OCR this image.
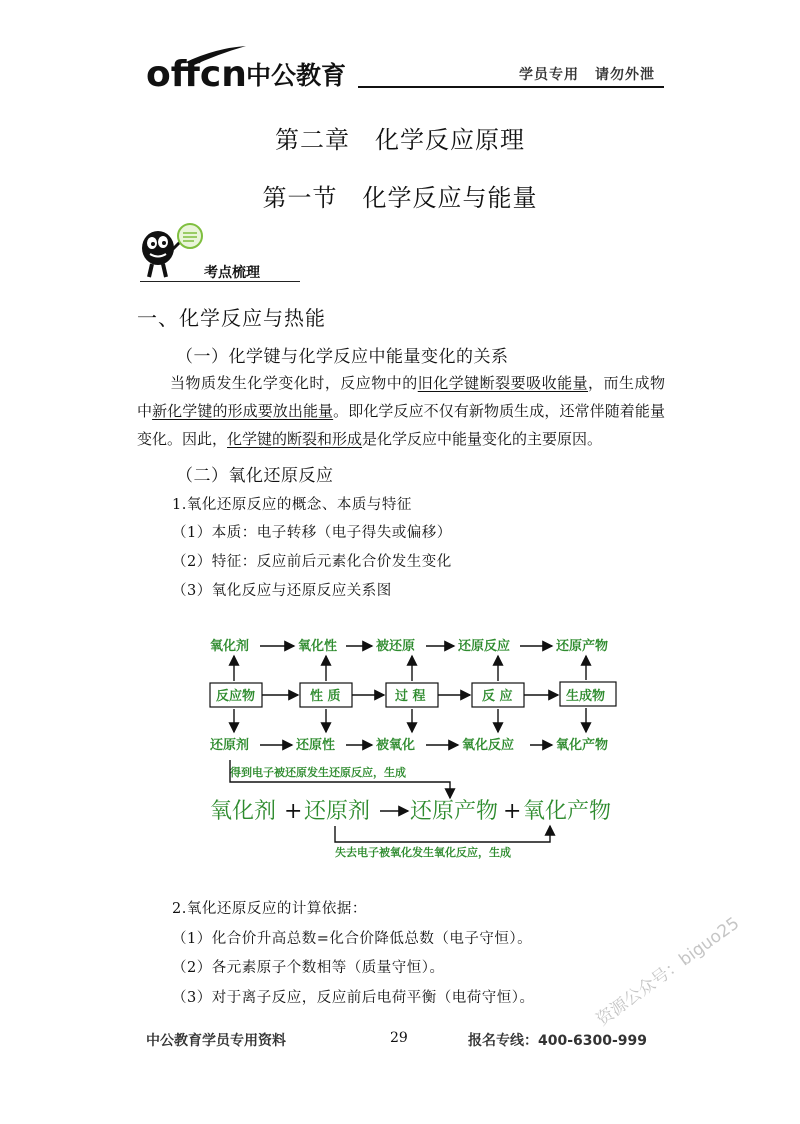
offcn 中公教育	学员专用 请勿外泄
第二章　化学反应原理
第一节　化学反应与能量
考点梳理
一、化学反应与热能
（一）化学键与化学反应中能量变化的关系
当物质发生化学变化时，反应物中的旧化学键断裂要吸收能量，而生成物中新化学键的形成要放出能量。即化学反应不仅有新物质生成，还常伴随着能量变化。因此，化学键的断裂和形成是化学反应中能量变化的主要原因。
（二）氧化还原反应
1.氧化还原反应的概念、本质与特征
（1）本质：电子转移（电子得失或偏移）
（2）特征：反应前后元素化合价发生变化
（3）氧化反应与还原反应关系图
氧化剂	氧化性	被还原	还原反应	还原产物
反应物	性 质	过 程	反 应	生成物
还原剂	还原性	被氧化	氧化反应	氧化产物
得到电子被还原发生还原反应，生成
失去电子被氧化发生氧化反应，生成
氧化剂 + 还原剂 还原产物 + 氧化产物
2.氧化还原反应的计算依据：
（1）化合价升高总数=化合价降低总数（电子守恒）。
（2）各元素原子个数相等（质量守恒）。
（3）对于离子反应，反应前后电荷平衡（电荷守恒）。
中公教育学员专用资料	29	报名专线：400-6300-999
资源公众号：biguo25
